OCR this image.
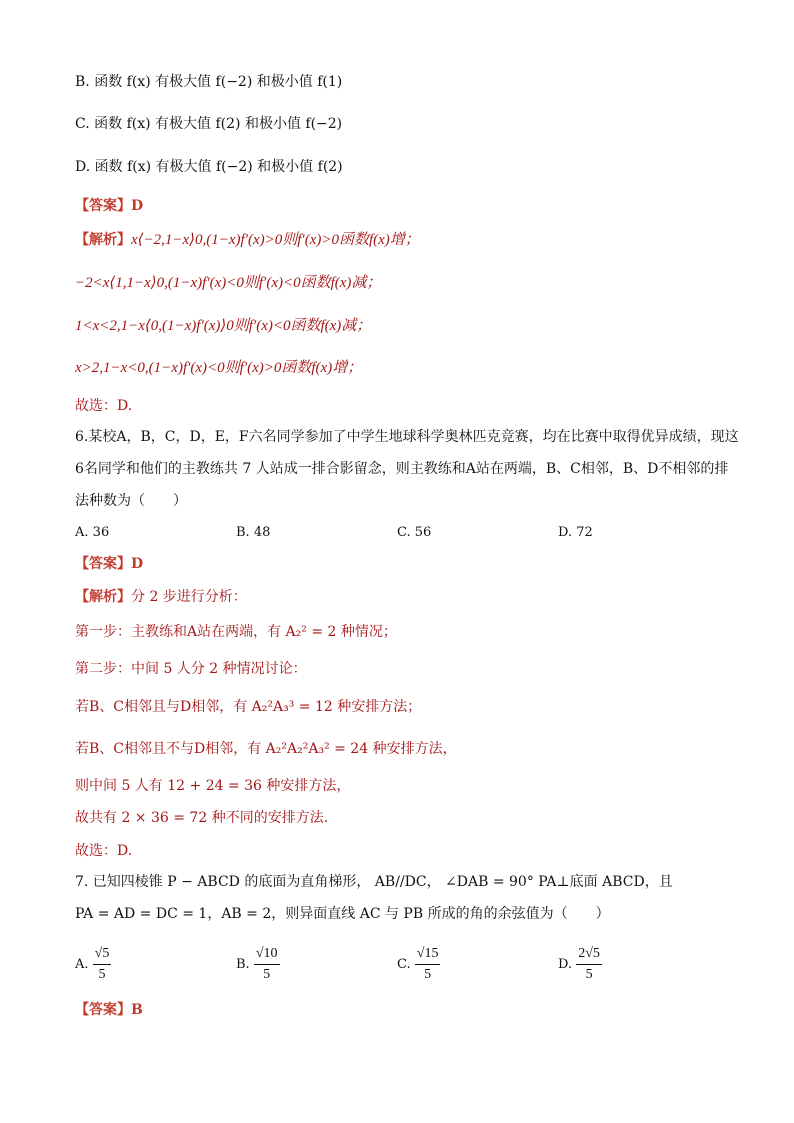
B. 函数 f(x) 有极大值 f(−2) 和极小值 f(1)
C. 函数 f(x) 有极大值 f(2) 和极小值 f(−2)
D. 函数 f(x) 有极大值 f(−2) 和极小值 f(2)
【答案】D
【解析】x⟨−2,1−x⟩0,(1−x)f′(x)>0则f′(x)>0函数f(x)增；
−2<x⟨1,1−x⟩0,(1−x)f′(x)<0则f′(x)<0函数f(x)减；
1<x<2,1−x⟨0,(1−x)f′(x)⟩0则f′(x)<0函数f(x)减；
x>2,1−x<0,(1−x)f′(x)<0则f′(x)>0函数f(x)增；
故选：D.
6.某校A，B，C，D，E，F六名同学参加了中学生地球科学奥林匹克竞赛，均在比赛中取得优异成绩，现这
6名同学和他们的主教练共 7 人站成一排合影留念，则主教练和A站在两端，B、C相邻，B、D不相邻的排
法种数为（　　）
A. 36	B. 48	C. 56	D. 72
【答案】D
【解析】分 2 步进行分析：
第一步：主教练和A站在两端，有 A₂² = 2 种情况；
第二步：中间 5 人分 2 种情况讨论：
若B、C相邻且与D相邻，有 A₂²A₃³ = 12 种安排方法；
若B、C相邻且不与D相邻，有 A₂²A₂²A₃² = 24 种安排方法，
则中间 5 人有 12 + 24 = 36 种安排方法，
故共有 2 × 36 = 72 种不同的安排方法.
故选：D.
7. 已知四棱锥 P − ABCD 的底面为直角梯形， AB//DC， ∠DAB = 90° PA⊥底面 ABCD，且
PA = AD = DC = 1，AB = 2，则异面直线 AC 与 PB 所成的角的余弦值为（　　）
A. $\frac{√5}{5}$	B. $\frac{√10}{5}$	C. $\frac{√15}{5}$	D. $\frac{2√5}{5}$
【答案】B
